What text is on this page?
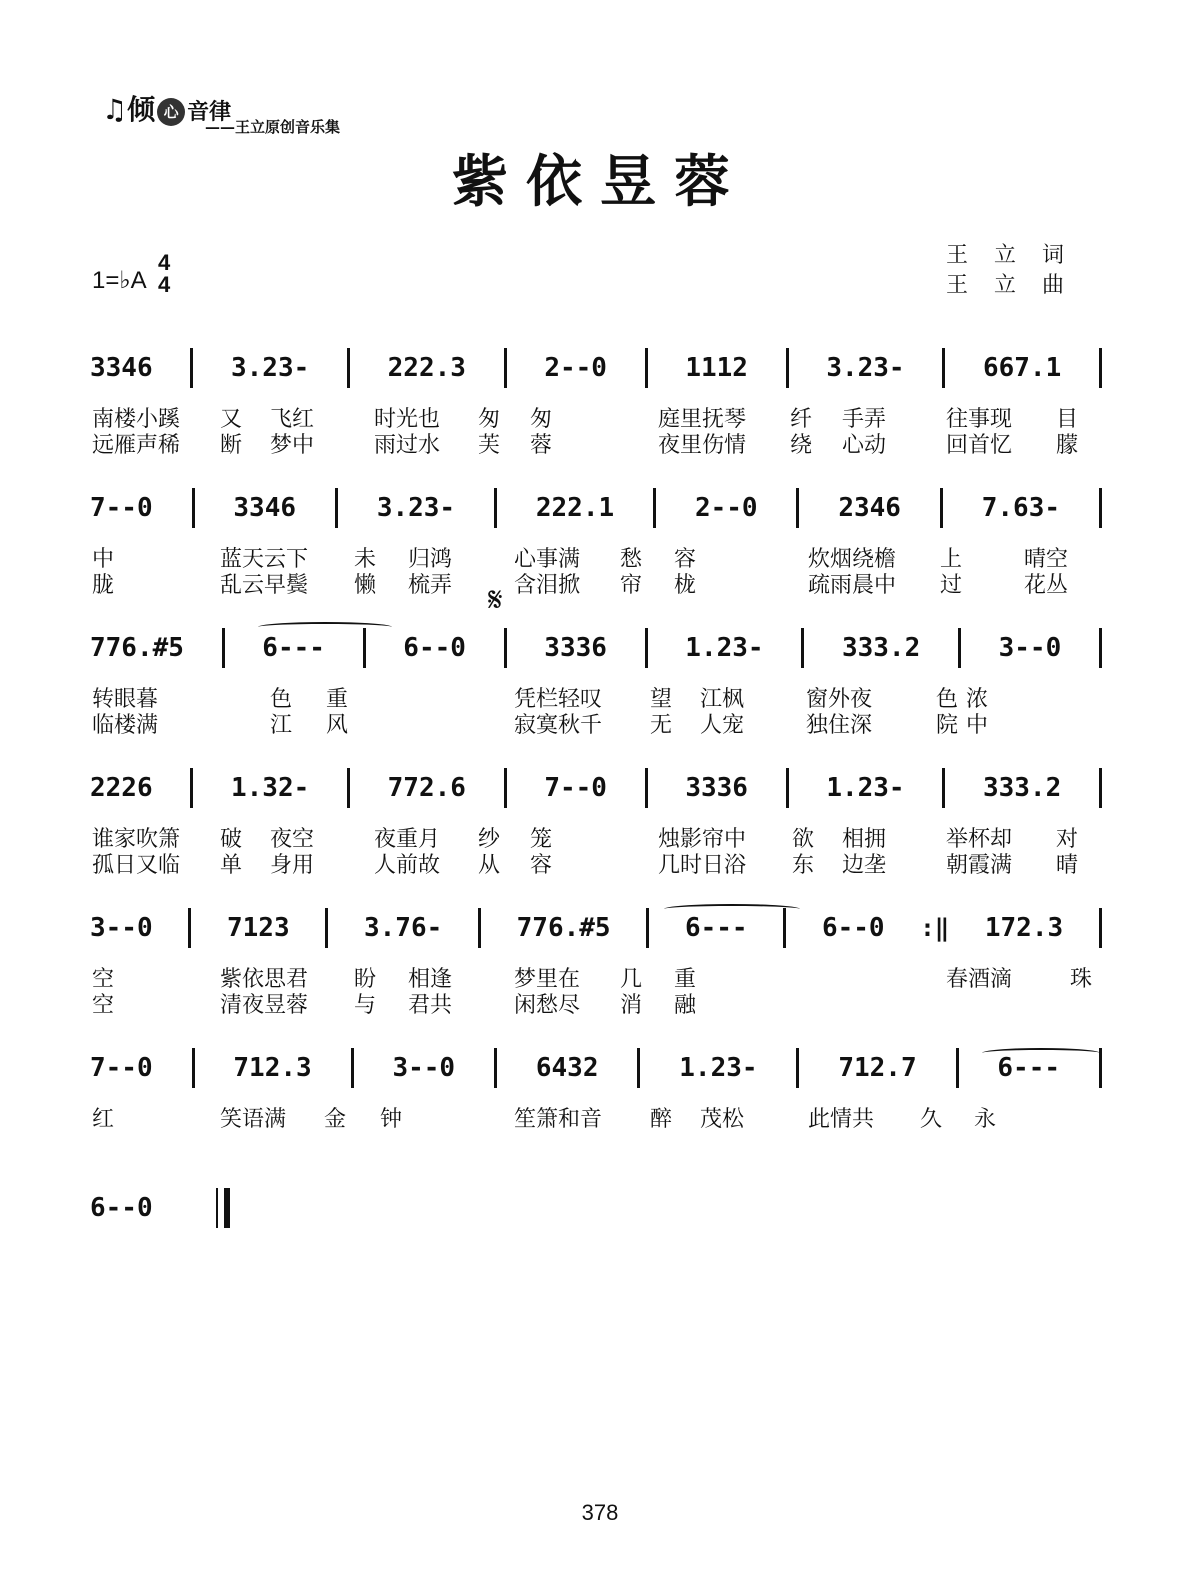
♫倾 心 音律
——王立原创音乐集
紫依昱蓉
王立词
王立曲
1=♭A
4
4
3346	3.23-	222.3	2--0	1112	3.23-	667.1
南楼小蹊 又 飞红	时光也 匆 匆	庭里抚琴 纤 手弄	往事现 目
远雁声稀 断 梦中	雨过水 芙 蓉	夜里伤情 绕 心动	回首忆 朦
7--0	3346	3.23-	222.1	2--0	2346	7.63-
中	蓝天云下 未 归鸿	心事满 愁 容	炊烟绕檐 上	晴空
胧	乱云早鬓 懒 梳弄	含泪掀 帘 栊	疏雨晨中 过	花丛
776.#5	6---	6--0	3336	1.23-	333.2	3--0
转眼暮	色 重	凭栏轻叹 望 江枫	窗外夜	色 浓
临楼满	江 风	寂寞秋千 无 人宠	独住深	院 中
2226	1.32-	772.6	7--0	3336	1.23-	333.2
谁家吹箫 破 夜空	夜重月 纱 笼	烛影帘中 欲 相拥	举杯却 对
孤日又临 单 身用	人前故 从 容	几时日浴 东 边垄	朝霞满 晴
3--0	7123	3.76-	776.#5	6---	6--0 :‖ 172.3
空	紫依思君 盼 相逢	梦里在 几 重	春酒滴	珠
空	清夜昱蓉 与 君共	闲愁尽 消 融
7--0	712.3	3--0	6432	1.23-	712.7	6---
红	笑语满 金 钟	笙箫和音 醉 茂松	此情共 久 永
6--0
𝄋
378
